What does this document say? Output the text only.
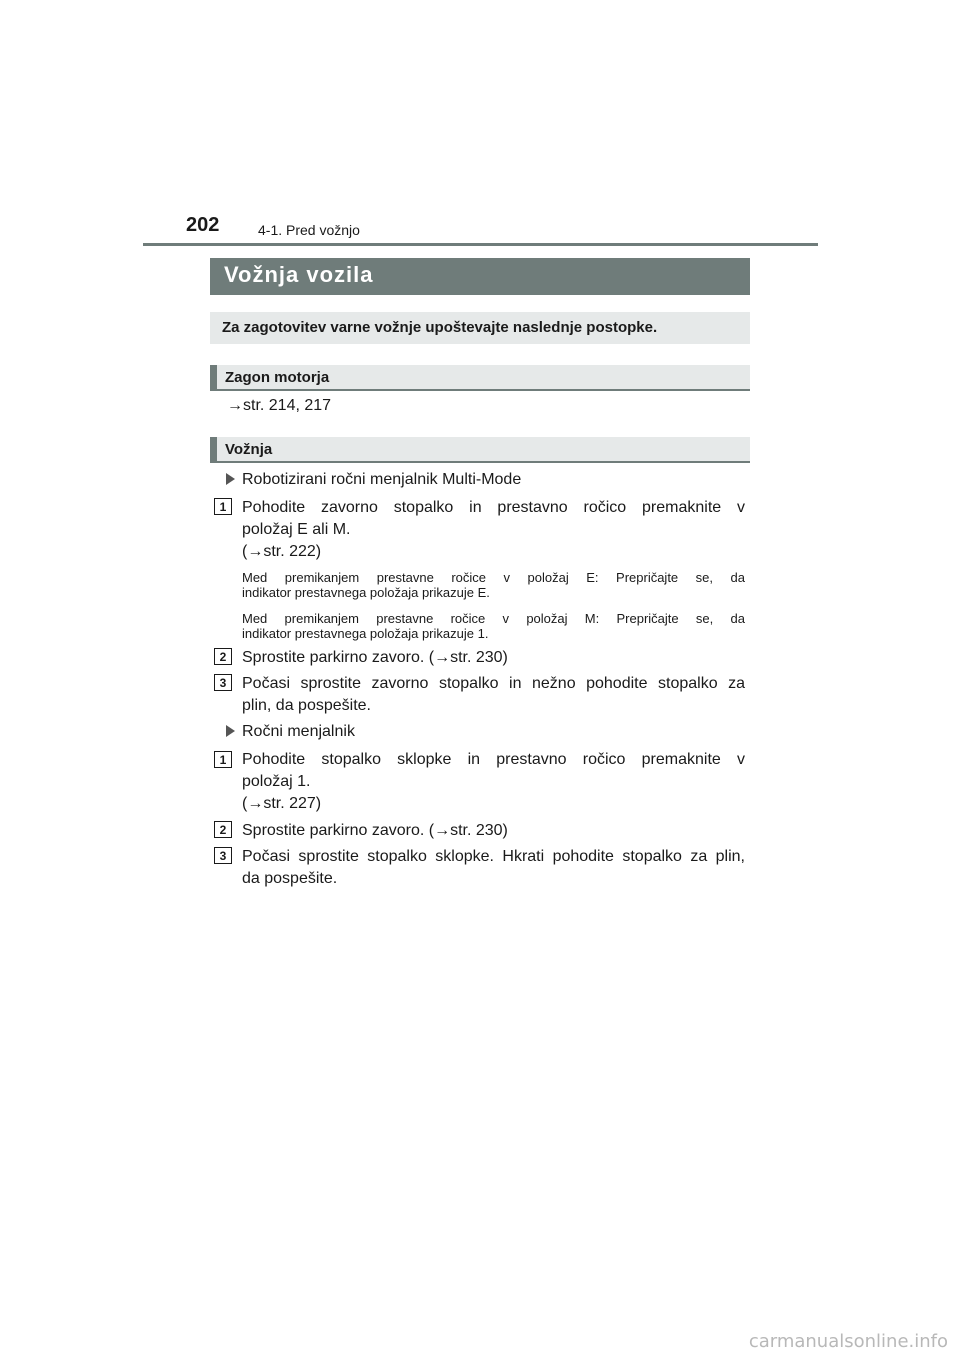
202	4-1. Pred vožnjo
Vožnja vozila
Za zagotovitev varne vožnje upoštevajte naslednje postopke.
Zagon motorja
→str. 214, 217
Vožnja
Robotizirani ročni menjalnik Multi-Mode
1 Pohodite zavorno stopalko in prestavno ročico premaknite v
položaj E ali M.
(→str. 222)
Med premikanjem prestavne ročice v položaj E: Prepričajte se, da
indikator prestavnega položaja prikazuje E.
Med premikanjem prestavne ročice v položaj M: Prepričajte se, da
indikator prestavnega položaja prikazuje 1.
2 Sprostite parkirno zavoro. (→str. 230)
3 Počasi sprostite zavorno stopalko in nežno pohodite stopalko za
plin, da pospešite.
Ročni menjalnik
1 Pohodite stopalko sklopke in prestavno ročico premaknite v
položaj 1.
(→str. 227)
2 Sprostite parkirno zavoro. (→str. 230)
3 Počasi sprostite stopalko sklopke. Hkrati pohodite stopalko za plin,
da pospešite.
carmanualsonline.info
